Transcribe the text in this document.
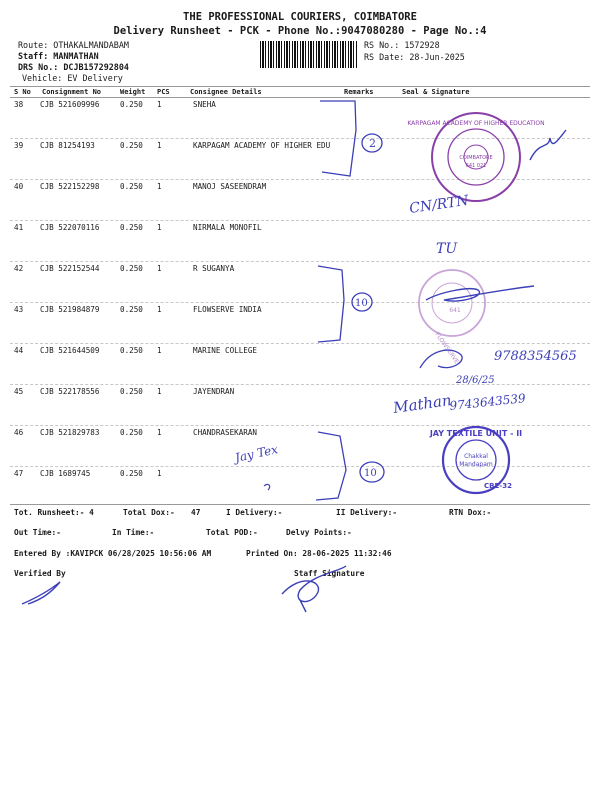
THE PROFESSIONAL COURIERS, COIMBATORE
Delivery Runsheet - PCK - Phone No.:9047080280 - Page No.:4
Route: OTHAKALMANDABAM
Staff: MANMATHAN
DRS No.: DCJB157292804
Vehicle: EV Delivery
RS No.: 1572928
RS Date: 28-Jun-2025
S No Consignment No	Weight PCS	Consignee Details	Remarks	Seal & Signature
38 CJB 521609996	0.250 1	SNEHA
39 CJB 81254193	0.250 1	KARPAGAM ACADEMY OF HIGHER EDU
40 CJB 522152298	0.250 1	MANOJ SASEENDRAM
41 CJB 522070116	0.250 1	NIRMALA MONOFIL
42 CJB 522152544	0.250 1	R SUGANYA
43 CJB 521984879	0.250 1	FLOWSERVE INDIA
44 CJB 521644509	0.250 1	MARINE COLLEGE
45 CJB 522178556	0.250 1	JAYENDRAN
46 CJB 521829783	0.250 1	CHANDRASEKARAN
47 CJB 1689745	0.250 1
Tot. Runsheet:- 4	Total Dox:- 47	I Delivery:-	II Delivery:-	RTN Dox:-
Out Time:-	In Time:-	Total POD:-	Delvy Points:-
Entered By :KAVIPCK 06/28/2025 10:56:06 AM	Printed On: 28-06-2025 11:32:46
Verified By	Staff Signature
KARPAGAM ACADEMY OF HIGHER EDUCATION
COIMBATORE
641 021
2
CN/RTN
TU
10
FLOWSERVE
641
9788354565
28/6/25
Mathan
9743643539
Jay Tex
10
JAY TEXTILE UNIT - II
Chakkal
Mandapam
CBE-32
